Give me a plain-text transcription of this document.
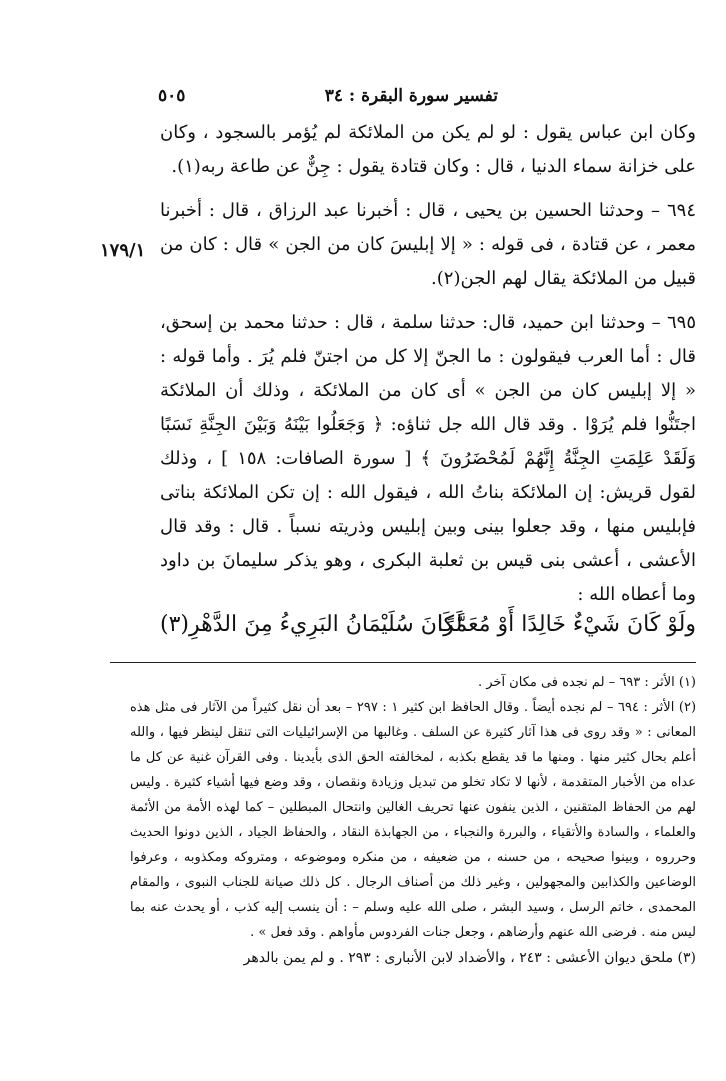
٥٠٥	تفسير سورة البقرة : ٣٤
١٧٩/١

وكان ابن عباس يقول : لو لم يكن من الملائكة لم يُؤمر بالسجود ، وكان على خزانة سماء الدنيا ، قال : وكان قتادة يقول : جِنٌّ عن طاعة ربه(١).

٦٩٤ – وحدثنا الحسين بن يحيى ، قال : أخبرنا عبد الرزاق ، قال : أخبرنا معمر ، عن قتادة ، فى قوله : « إلا إبليسَ كان من الجن » قال : كان من قبيل من الملائكة يقال لهم الجن(٢).

٦٩٥ – وحدثنا ابن حميد، قال: حدثنا سلمة ، قال : حدثنا محمد بن إسحق، قال : أما العرب فيقولون : ما الجنّ إلا كل من اجتنّ فلم يُرَ . وأما قوله : « إلا إبليس كان من الجن » أى كان من الملائكة ، وذلك أن الملائكة اجتَنُّوا فلم يُرَوْا . وقد قال الله جل ثناؤه: ﴿ وَجَعَلُوا بَيْنَهُ وَبَيْنَ الجِنَّةِ نَسَبًا وَلَقَدْ عَلِمَتِ الجِنَّةُ إِنَّهُمْ لَمُحْضَرُونَ ﴾ [ سورة الصافات: ١٥٨ ] ، وذلك لقول قريش: إن الملائكة بناتُ الله ، فيقول الله : إن تكن الملائكة بناتى فإبليس منها ، وقد جعلوا بينى وبين إبليس وذريته نسباً . قال : وقد قال الأعشى ، أعشى بنى قيس بن ثعلبة البكرى ، وهو يذكر سليمانَ بن داود وما أعطاه الله :

ولَوْ كَانَ شَيْءٌ خَالِدًا أَوْ مُعَمَّرًا
لَكَانَ سُلَيْمَانُ البَرِيءُ مِنَ الدَّهْرِ(٣)

(١) الأثر : ٦٩٣ – لم نجده فى مكان آخر .

(٢) الأثر : ٦٩٤ – لم نجده أيضاً . وقال الحافظ ابن كثير ١ : ٢٩٧ – بعد أن نقل كثيراً من الآثار فى مثل هذه المعانى : « وقد روى فى هذا آثار كثيرة عن السلف . وغالبها من الإسرائيليات التى تنقل لينظر فيها ، والله أعلم بحال كثير منها . ومنها ما قد يقطع بكذبه ، لمخالفته الحق الذى بأيدينا . وفى القرآن غنية عن كل ما عداه من الأخبار المتقدمة ، لأنها لا تكاد تخلو من تبديل وزيادة ونقصان ، وقد وضع فيها أشياء كثيرة . وليس لهم من الحفاظ المتقنين ، الذين ينفون عنها تحريف الغالين وانتحال المبطلين – كما لهذه الأمة من الأئمة والعلماء ، والسادة والأتقياء ، والبررة والنجباء ، من الجهابذة النقاد ، والحفاظ الجياد ، الذين دونوا الحديث وحرروه ، وبينوا صحيحه ، من حسنه ، من ضعيفه ، من منكره وموضوعه ، ومتروكه ومكذوبه ، وعرفوا الوضاعين والكذابين والمجهولين ، وغير ذلك من أصناف الرجال . كل ذلك صيانة للجناب النبوى ، والمقام المحمدى ، خاتم الرسل ، وسيد البشر ، صلى الله عليه وسلم – : أن ينسب إليه كذب ، أو يحدث عنه بما ليس منه . فرضى الله عنهم وأرضاهم ، وجعل جنات الفردوس مأواهم . وقد فعل » .

(٣) ملحق ديوان الأعشى : ٢٤٣ ، والأضداد لابن الأنبارى : ٢٩٣ . و لم يمن بالدهر
